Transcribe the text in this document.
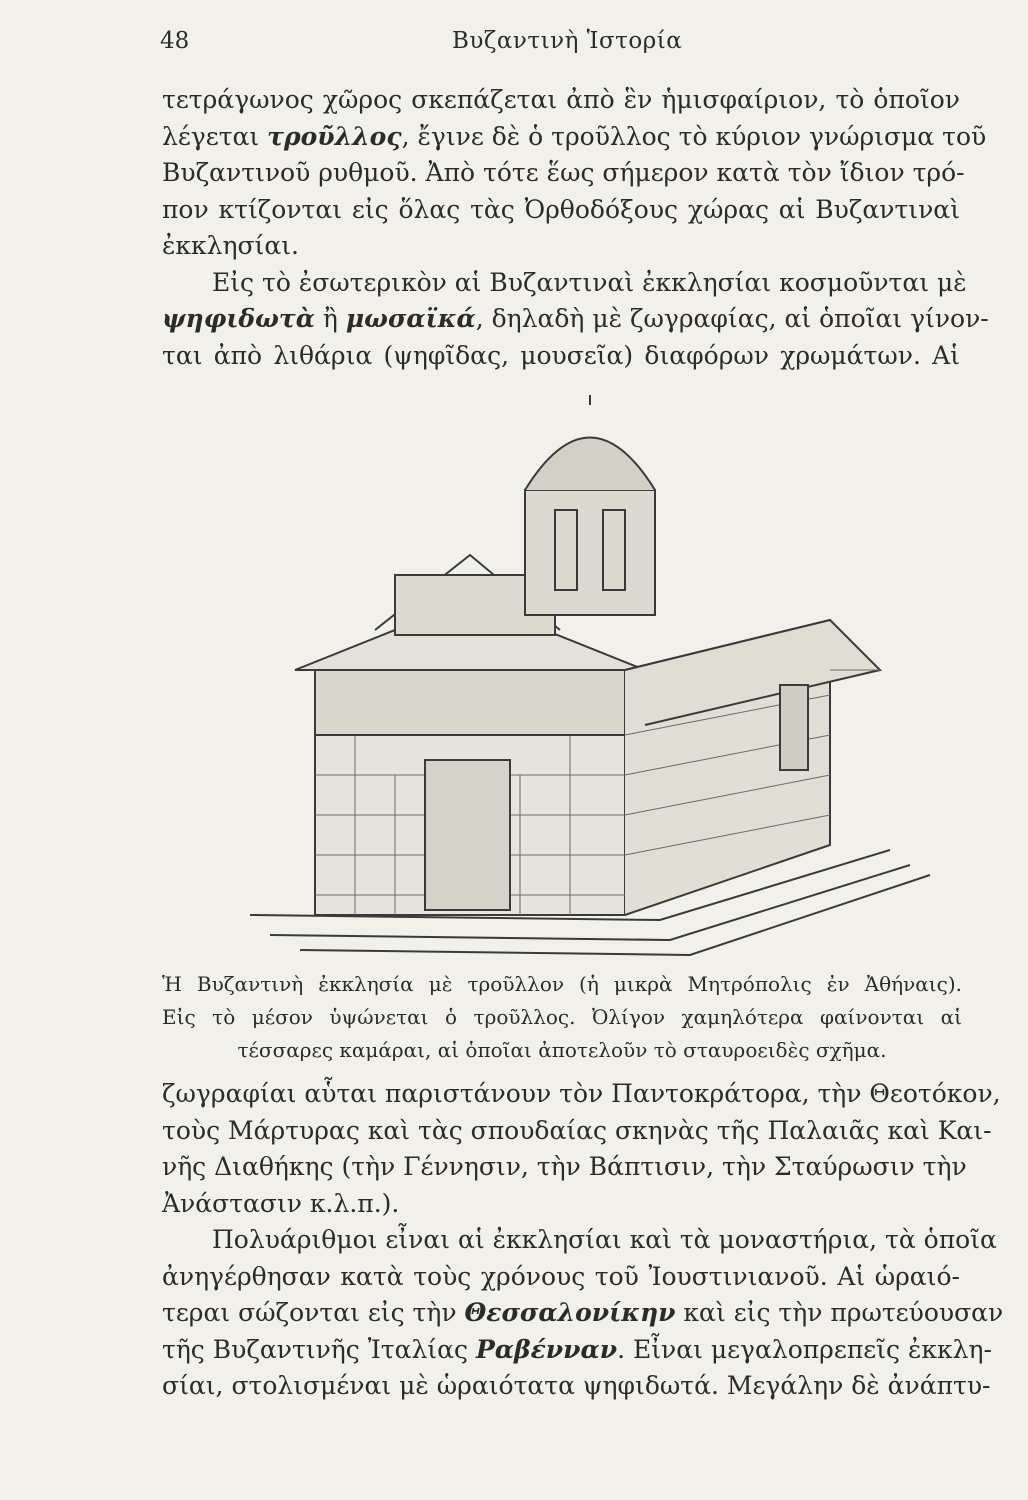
48	Βυζαντινὴ Ἱστορία
τετράγωνος χῶρος σκεπάζεται ἀπὸ ἓν ἡμισφαίριον, τὸ ὁποῖον
λέγεται τροῦλλος, ἔγινε δὲ ὁ τροῦλλος τὸ κύριον γνώρισμα τοῦ
Βυζαντινοῦ ρυθμοῦ. Ἀπὸ τότε ἕως σήμερον κατὰ τὸν ἴδιον τρό-
πον κτίζονται εἰς ὅλας τὰς Ὀρθοδόξους χώρας αἱ Βυζαντιναὶ
ἐκκλησίαι.
Εἰς τὸ ἐσωτερικὸν αἱ Βυζαντιναὶ ἐκκλησίαι κοσμοῦνται μὲ
ψηφιδωτὰ ἢ μωσαϊκά, δηλαδὴ μὲ ζωγραφίας, αἱ ὁποῖαι γίνον-
ται ἀπὸ λιθάρια (ψηφῖδας, μουσεῖα) διαφόρων χρωμάτων. Αἱ
Ἡ Βυζαντινὴ ἐκκλησία μὲ τροῦλλον (ἡ μικρὰ Μητρόπολις ἐν Ἀθήναις).
Εἰς τὸ μέσον ὑψώνεται ὁ τροῦλλος. Ὀλίγον χαμηλότερα φαίνονται αἱ
τέσσαρες καμάραι, αἱ ὁποῖαι ἀποτελοῦν τὸ σταυροειδὲς σχῆμα.
ζωγραφίαι αὗται παριστάνουν τὸν Παντοκράτορα, τὴν Θεοτόκον,
τοὺς Μάρτυρας καὶ τὰς σπουδαίας σκηνὰς τῆς Παλαιᾶς καὶ Και-
νῆς Διαθήκης (τὴν Γέννησιν, τὴν Βάπτισιν, τὴν Σταύρωσιν τὴν
Ἀνάστασιν κ.λ.π.).
Πολυάριθμοι εἶναι αἱ ἐκκλησίαι καὶ τὰ μοναστήρια, τὰ ὁποῖα
ἀνηγέρθησαν κατὰ τοὺς χρόνους τοῦ Ἰουστινιανοῦ. Αἱ ὡραιό-
τεραι σώζονται εἰς τὴν Θεσσαλονίκην καὶ εἰς τὴν πρωτεύουσαν
τῆς Βυζαντινῆς Ἰταλίας Ραβένναν. Εἶναι μεγαλοπρεπεῖς ἐκκλη-
σίαι, στολισμέναι μὲ ὡραιότατα ψηφιδωτά. Μεγάλην δὲ ἀνάπτυ-
